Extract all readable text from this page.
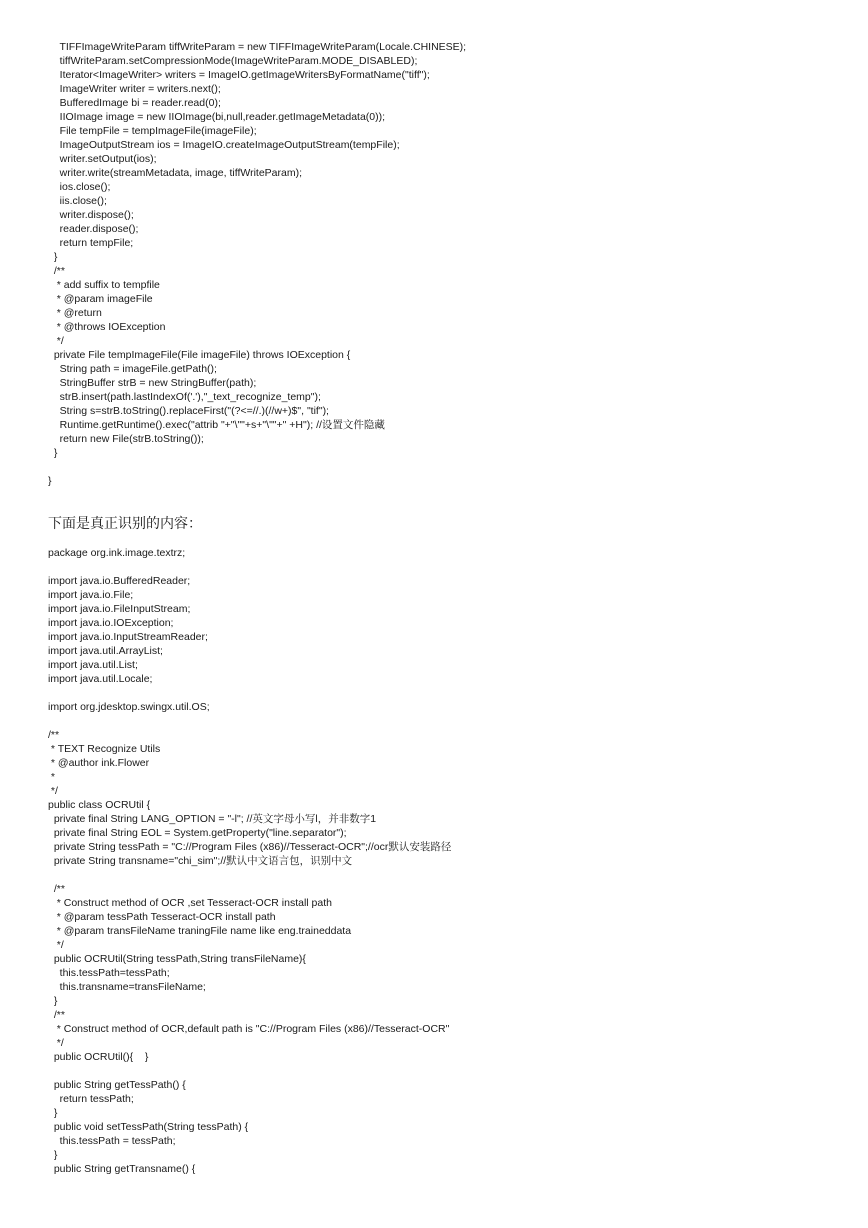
TIFFImageWriteParam tiffWriteParam = new TIFFImageWriteParam(Locale.CHINESE);
tiffWriteParam.setCompressionMode(ImageWriteParam.MODE_DISABLED);
Iterator<ImageWriter> writers = ImageIO.getImageWritersByFormatName("tiff");
ImageWriter writer = writers.next();
BufferedImage bi = reader.read(0);
IIOImage image = new IIOImage(bi,null,reader.getImageMetadata(0));
File tempFile = tempImageFile(imageFile);
ImageOutputStream ios = ImageIO.createImageOutputStream(tempFile);
writer.setOutput(ios);
writer.write(streamMetadata, image, tiffWriteParam);
ios.close();
iis.close();
writer.dispose();
reader.dispose();
return tempFile;
}
/**
* add suffix to tempfile
* @param imageFile
* @return
* @throws IOException
*/
private File tempImageFile(File imageFile) throws IOException {
String path = imageFile.getPath();
StringBuffer strB = new StringBuffer(path);
strB.insert(path.lastIndexOf('.'),"_text_recognize_temp");
String s=strB.toString().replaceFirst("(?<=//.)(//w+)$", "tif");
Runtime.getRuntime().exec("attrib "+"\""+s+"\""+" +H"); //设置文件隐藏
return new File(strB.toString());
}
}
下面是真正识别的内容：
package org.ink.image.textrz;
import java.io.BufferedReader;
import java.io.File;
import java.io.FileInputStream;
import java.io.IOException;
import java.io.InputStreamReader;
import java.util.ArrayList;
import java.util.List;
import java.util.Locale;
import org.jdesktop.swingx.util.OS;
/**
* TEXT Recognize Utils
* @author ink.Flower
*
*/
public class OCRUtil {
private final String LANG_OPTION = "-l"; //英文字母小写l，并非数字1
private final String EOL = System.getProperty("line.separator");
private String tessPath = "C://Program Files (x86)//Tesseract-OCR";//ocr默认安装路径
private String transname="chi_sim";//默认中文语言包，识别中文
/**
* Construct method of OCR ,set Tesseract-OCR install path
* @param tessPath Tesseract-OCR install path
* @param transFileName traningFile name like eng.traineddata
*/
public OCRUtil(String tessPath,String transFileName){
this.tessPath=tessPath;
this.transname=transFileName;
}
/**
* Construct method of OCR,default path is "C://Program Files (x86)//Tesseract-OCR"
*/
public OCRUtil(){    }
public String getTessPath() {
return tessPath;
}
public void setTessPath(String tessPath) {
this.tessPath = tessPath;
}
public String getTransname() {
